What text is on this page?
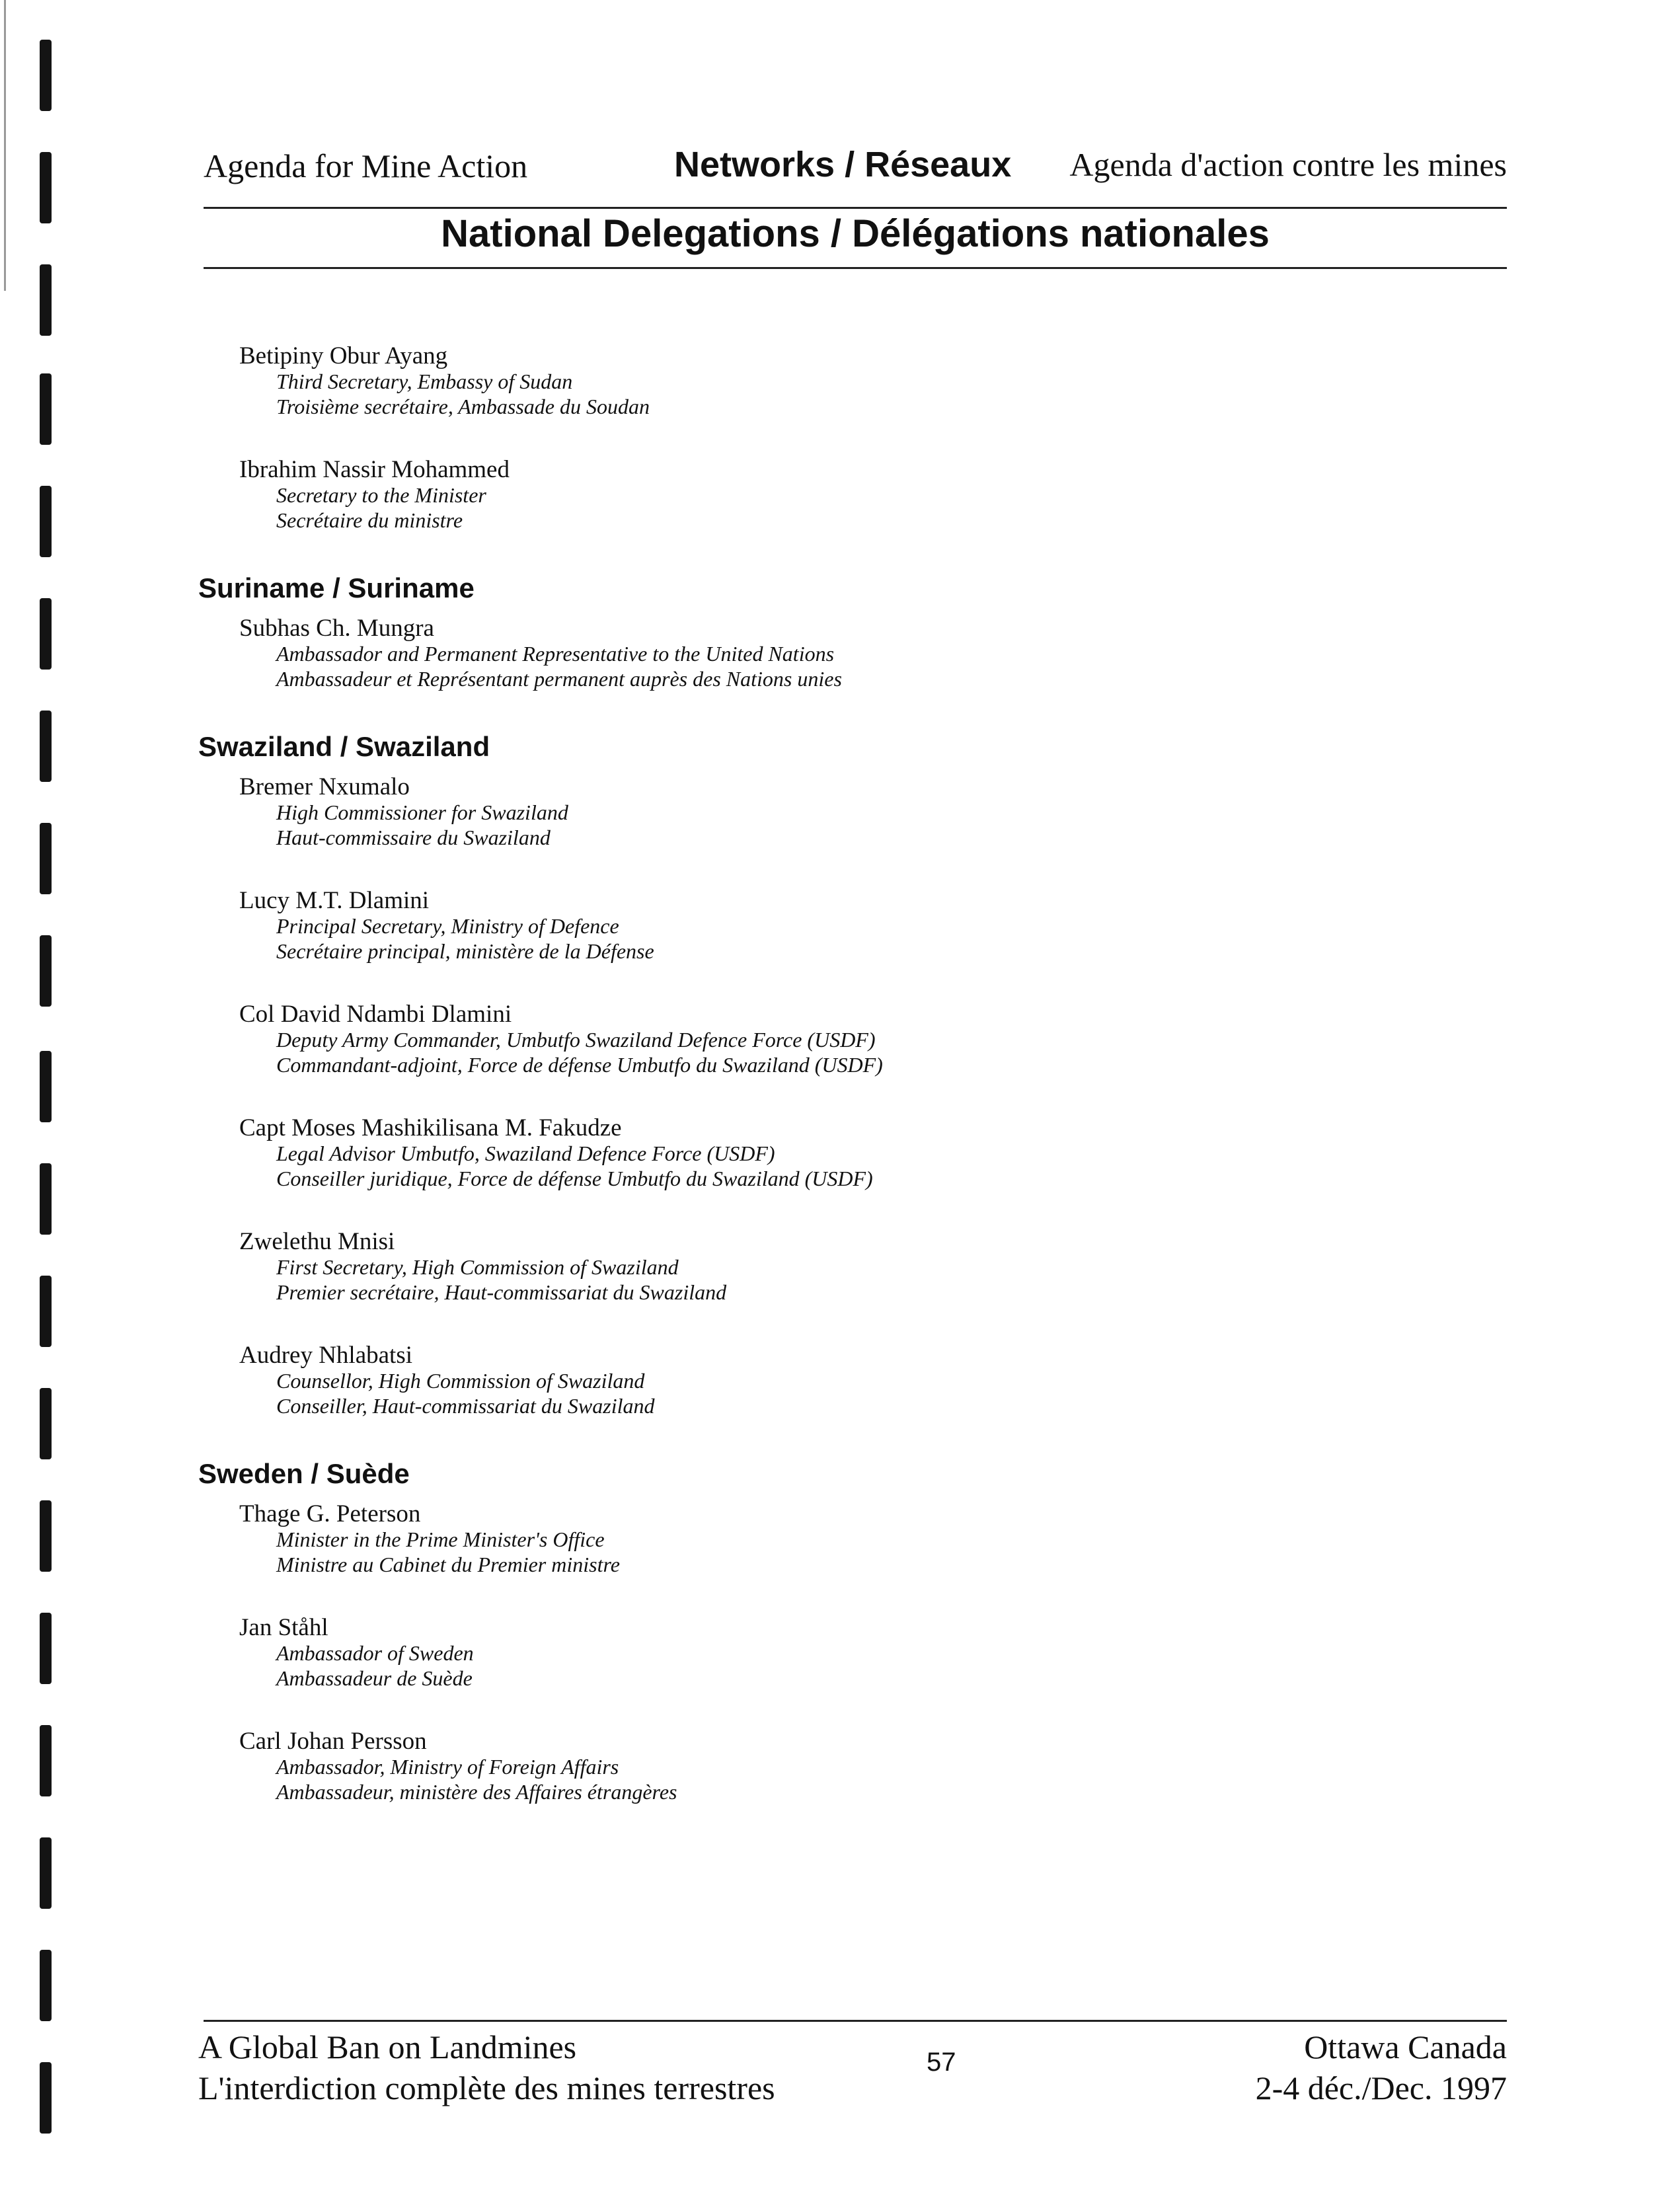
Agenda for Mine Action	Networks / Réseaux Agenda d'action contre les mines
National Delegations / Délégations nationales
Betipiny Obur Ayang
Third Secretary, Embassy of Sudan
Troisième secrétaire, Ambassade du Soudan
Ibrahim Nassir Mohammed
Secretary to the Minister
Secrétaire du ministre
Suriname / Suriname
Subhas Ch. Mungra
Ambassador and Permanent Representative to the United Nations
Ambassadeur et Représentant permanent auprès des Nations unies
Swaziland / Swaziland
Bremer Nxumalo
High Commissioner for Swaziland
Haut-commissaire du Swaziland
Lucy M.T. Dlamini
Principal Secretary, Ministry of Defence
Secrétaire principal, ministère de la Défense
Col David Ndambi Dlamini
Deputy Army Commander, Umbutfo Swaziland Defence Force (USDF)
Commandant-adjoint, Force de défense Umbutfo du Swaziland (USDF)
Capt Moses Mashikilisana M. Fakudze
Legal Advisor Umbutfo, Swaziland Defence Force (USDF)
Conseiller juridique, Force de défense Umbutfo du Swaziland (USDF)
Zwelethu Mnisi
First Secretary, High Commission of Swaziland
Premier secrétaire, Haut-commissariat du Swaziland
Audrey Nhlabatsi
Counsellor, High Commission of Swaziland
Conseiller, Haut-commissariat du Swaziland
Sweden / Suède
Thage G. Peterson
Minister in the Prime Minister's Office
Ministre au Cabinet du Premier ministre
Jan Ståhl
Ambassador of Sweden
Ambassadeur de Suède
Carl Johan Persson
Ambassador, Ministry of Foreign Affairs
Ambassadeur, ministère des Affaires étrangères
A Global Ban on Landmines
L'interdiction complète des mines terrestres
57	Ottawa Canada
2-4 déc./Dec. 1997
